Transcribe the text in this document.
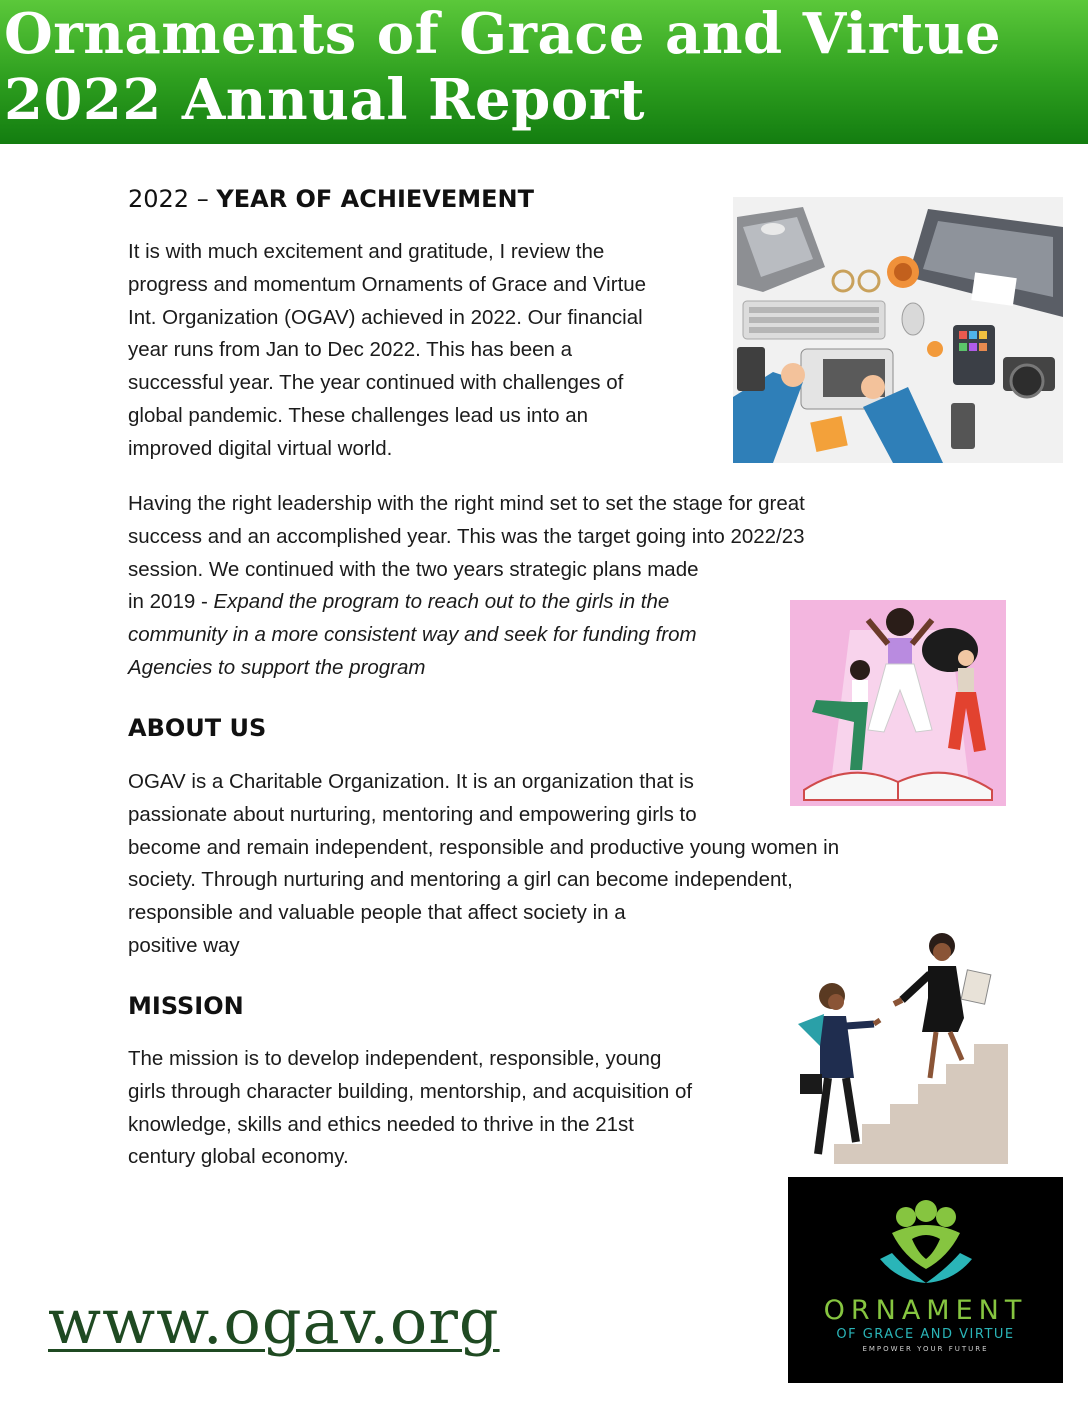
Ornaments of Grace and Virtue
2022 Annual Report
2022 – YEAR OF ACHIEVEMENT
It is with much excitement and gratitude, I review the
progress and momentum Ornaments of Grace and Virtue
Int. Organization (OGAV) achieved in 2022. Our financial
year runs from Jan to Dec 2022. This has been a
successful year. The year continued with challenges of
global pandemic. These challenges lead us into an
improved digital virtual world.
Having the right leadership with the right mind set to set the stage for great
success and an accomplished year. This was the target going into 2022/23
session. We continued with the two years strategic plans made
in 2019 - Expand the program to reach out to the girls in the
community in a more consistent way and seek for funding from
Agencies to support the program
ABOUT US
OGAV is a Charitable Organization. It is an organization that is
passionate about nurturing, mentoring and empowering girls to
become and remain independent, responsible and productive young women in
society. Through nurturing and mentoring a girl can become independent,
responsible and valuable people that affect society in a
positive way
MISSION
The mission is to develop independent, responsible, young
girls through character building, mentorship, and acquisition of
knowledge, skills and ethics needed to thrive in the 21st
century global economy.
www.ogav.org	ORNAMENT

OF GRACE AND VIRTUE

EMPOWER YOUR FUTURE
